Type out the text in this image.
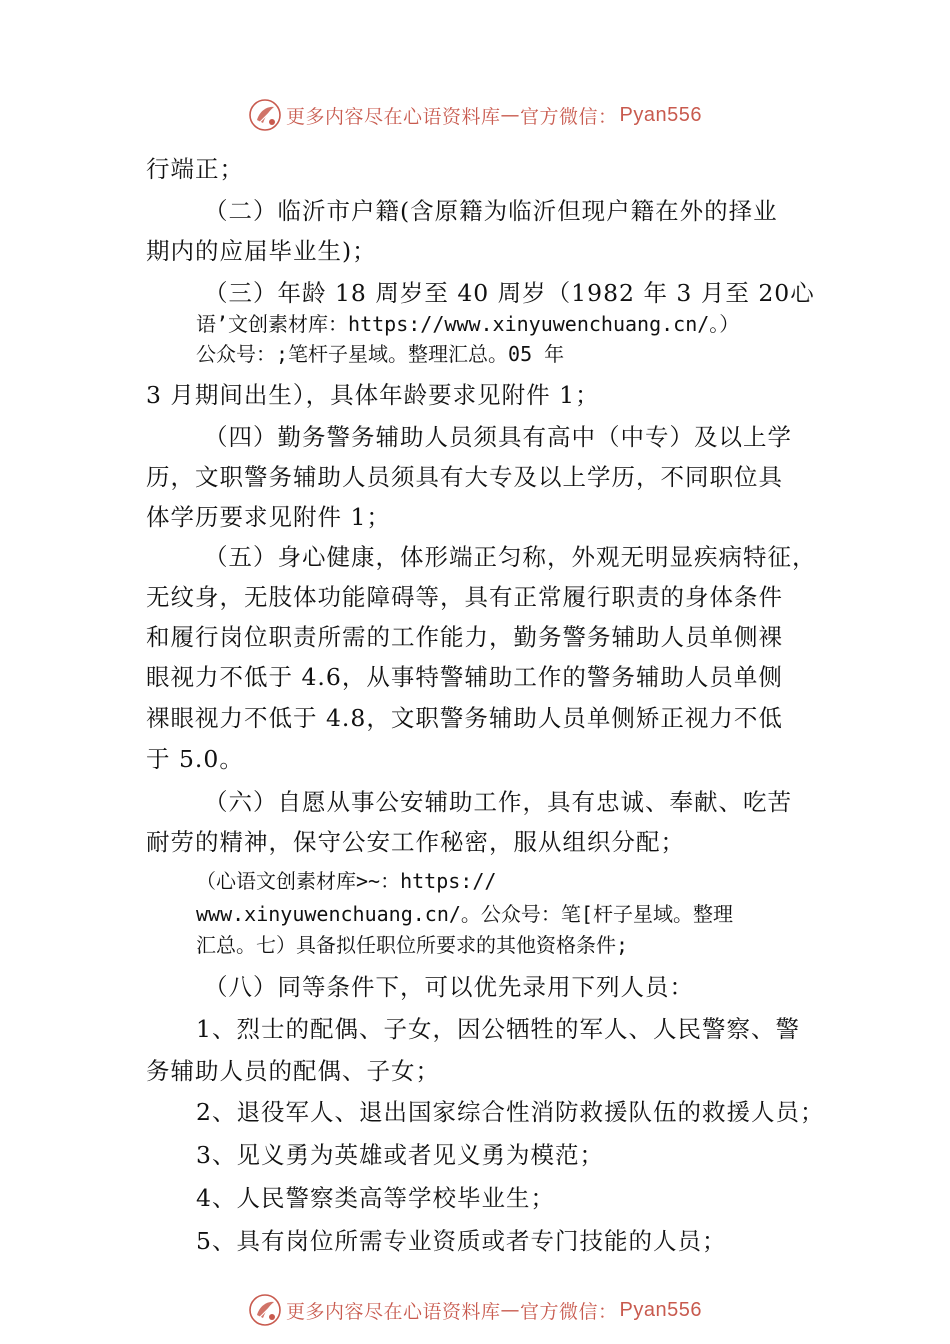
更多内容尽在心语资料库 — 官方微信： Pyan556
行端正；
（二）临沂市户籍(含原籍为临沂但现户籍在外的择业
期内的应届毕业生)；
（三）年龄 18 周岁至 40 周岁（1982 年 3 月至 20心
语’文创素材库：https://www.xinyuwenchuang.cn/。）
公众号：;笔杆子星域。整理汇总。05 年
3 月期间出生），具体年龄要求见附件 1；
（四）勤务警务辅助人员须具有高中（中专）及以上学
历，文职警务辅助人员须具有大专及以上学历，不同职位具
体学历要求见附件 1；
（五）身心健康，体形端正匀称，外观无明显疾病特征，
无纹身，无肢体功能障碍等，具有正常履行职责的身体条件
和履行岗位职责所需的工作能力，勤务警务辅助人员单侧裸
眼视力不低于 4.6，从事特警辅助工作的警务辅助人员单侧
裸眼视力不低于 4.8，文职警务辅助人员单侧矫正视力不低
于 5.0。
（六）自愿从事公安辅助工作，具有忠诚、奉献、吃苦
耐劳的精神，保守公安工作秘密，服从组织分配；
（心语文创素材库>~：https://
www.xinyuwenchuang.cn/。公众号：笔[杆子星域。整理
汇总。七）具备拟任职位所要求的其他资格条件;
（八）同等条件下，可以优先录用下列人员：
1、烈士的配偶、子女，因公牺牲的军人、人民警察、警
务辅助人员的配偶、子女；
2、退役军人、退出国家综合性消防救援队伍的救援人员；
3、见义勇为英雄或者见义勇为模范；
4、人民警察类高等学校毕业生；
5、具有岗位所需专业资质或者专门技能的人员；
更多内容尽在心语资料库 — 官方微信： Pyan556
